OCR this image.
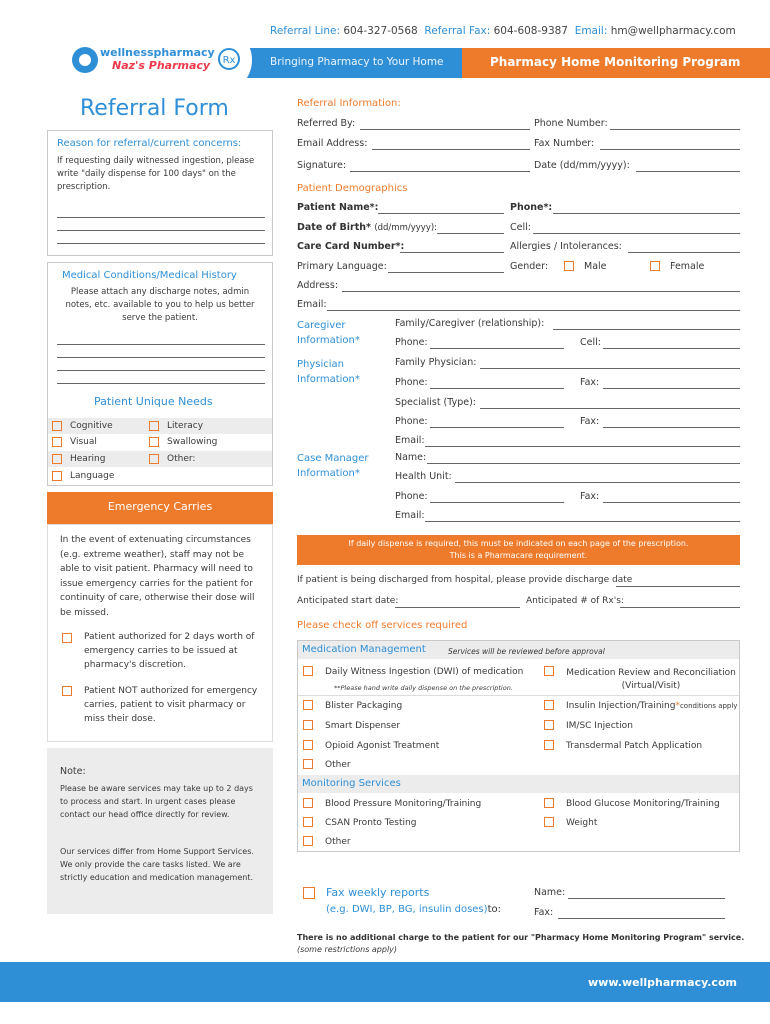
Referral Line: 604-327-0568 Referral Fax: 604-608-9387 Email: hm@wellpharmacy.com
Bringing Pharmacy to Your Home	Pharmacy Home Monitoring Program
wellnesspharmacy
Naz's Pharmacy Rx
Referral Form
Reason for referral/current concerns:
If requesting daily witnessed ingestion, please write "daily dispense for 100 days" on the prescription.
Medical Conditions/Medical History
Please attach any discharge notes, admin notes, etc. available to you to help us better serve the patient.
Patient Unique Needs
Cognitive
Visual
Hearing
Language
Literacy
Swallowing
Other:
Emergency Carries
In the event of extenuating circumstances (e.g. extreme weather), staff may not be able to visit patient. Pharmacy will need to issue emergency carries for the patient for continuity of care, otherwise their dose will be missed.
Patient authorized for 2 days worth of emergency carries to be issued at pharmacy's discretion.
Patient NOT authorized for emergency carries, patient to visit pharmacy or miss their dose.
Note:
Please be aware services may take up to 2 days to process and start. In urgent cases please contact our head office directly for review.
Our services differ from Home Support Services. We only provide the care tasks listed. We are strictly education and medication management.
Referral Information:
Referred By:	Phone Number:
Email Address:	Fax Number:
Signature:	Date (dd/mm/yyyy):
Patient Demographics
Patient Name*:	Phone*:
Date of Birth* (dd/mm/yyyy):	Cell:
Care Card Number*:	Allergies / Intolerances:
Primary Language:	Gender:	Male	Female
Address:
Email:
Caregiver Information*
Family/Caregiver (relationship):
Phone:	Cell:
Physician Information*
Family Physician:
Phone:	Fax:
Specialist (Type):
Phone:	Fax:
Email:
Case Manager Information*
Name:
Health Unit:
Phone:	Fax:
Email:
If daily dispense is required, this must be indicated on each page of the prescription.
This is a Pharmacare requirement.
If patient is being discharged from hospital, please provide discharge date
Anticipated start date:	Anticipated # of Rx's:
Please check off services required
Medication Management	Services will be reviewed before approval
Daily Witness Ingestion (DWI) of medication
**Please hand write daily dispense on the prescription.
Medication Review and Reconciliation (Virtual/Visit)
Blister Packaging	Insulin Injection/Training*conditions apply
Smart Dispenser	IM/SC Injection
Opioid Agonist Treatment	Transdermal Patch Application
Other
Monitoring Services
Blood Pressure Monitoring/Training	Blood Glucose Monitoring/Training
CSAN Pronto Testing	Weight
Other
Fax weekly reports
(e.g. DWI, BP, BG, insulin doses)to:
Name:
Fax:
There is no additional charge to the patient for our "Pharmacy Home Monitoring Program" service.
(some restrictions apply)
www.wellpharmacy.com
